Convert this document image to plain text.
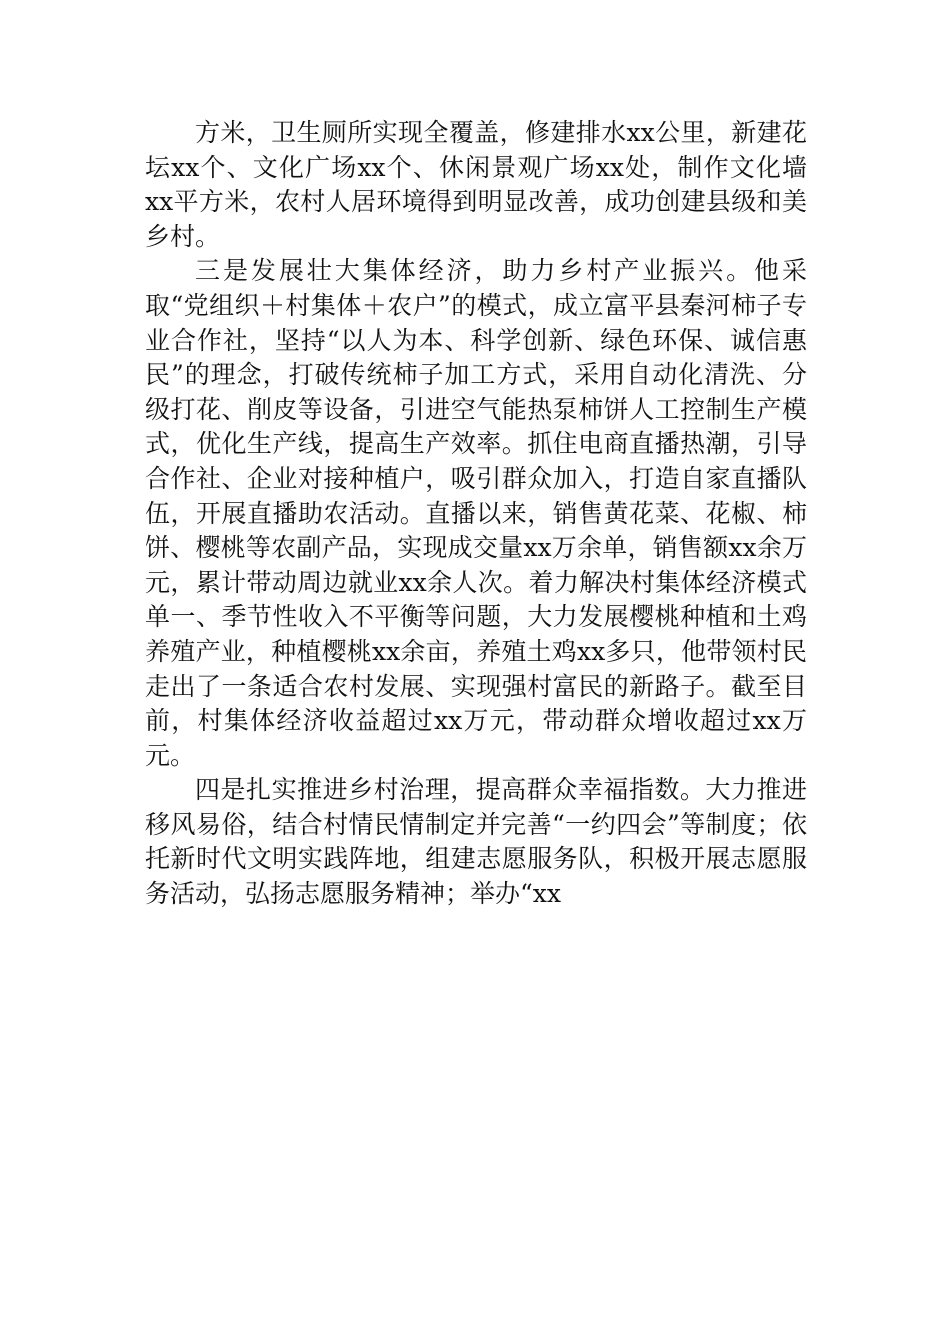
方米，卫生厕所实现全覆盖，修建排水xx公里，新建花坛xx个、文化广场xx个、休闲景观广场xx处，制作文化墙xx平方米，农村人居环境得到明显改善，成功创建县级和美乡村。

三是发展壮大集体经济，助力乡村产业振兴。他采取“党组织＋村集体＋农户”的模式，成立富平县秦河柿子专业合作社，坚持“以人为本、科学创新、绿色环保、诚信惠民”的理念，打破传统柿子加工方式，采用自动化清洗、分级打花、削皮等设备，引进空气能热泵柿饼人工控制生产模式，优化生产线，提高生产效率。抓住电商直播热潮，引导合作社、企业对接种植户，吸引群众加入，打造自家直播队伍，开展直播助农活动。直播以来，销售黄花菜、花椒、柿饼、樱桃等农副产品，实现成交量xx万余单，销售额xx余万元，累计带动周边就业xx余人次。着力解决村集体经济模式单一、季节性收入不平衡等问题，大力发展樱桃种植和土鸡养殖产业，种植樱桃xx余亩，养殖土鸡xx多只，他带领村民走出了一条适合农村发展、实现强村富民的新路子。截至目前，村集体经济收益超过xx万元，带动群众增收超过xx万元。

四是扎实推进乡村治理，提高群众幸福指数。大力推进移风易俗，结合村情民情制定并完善“一约四会”等制度；依托新时代文明实践阵地，组建志愿服务队，积极开展志愿服务活动，弘扬志愿服务精神；举办“xx
